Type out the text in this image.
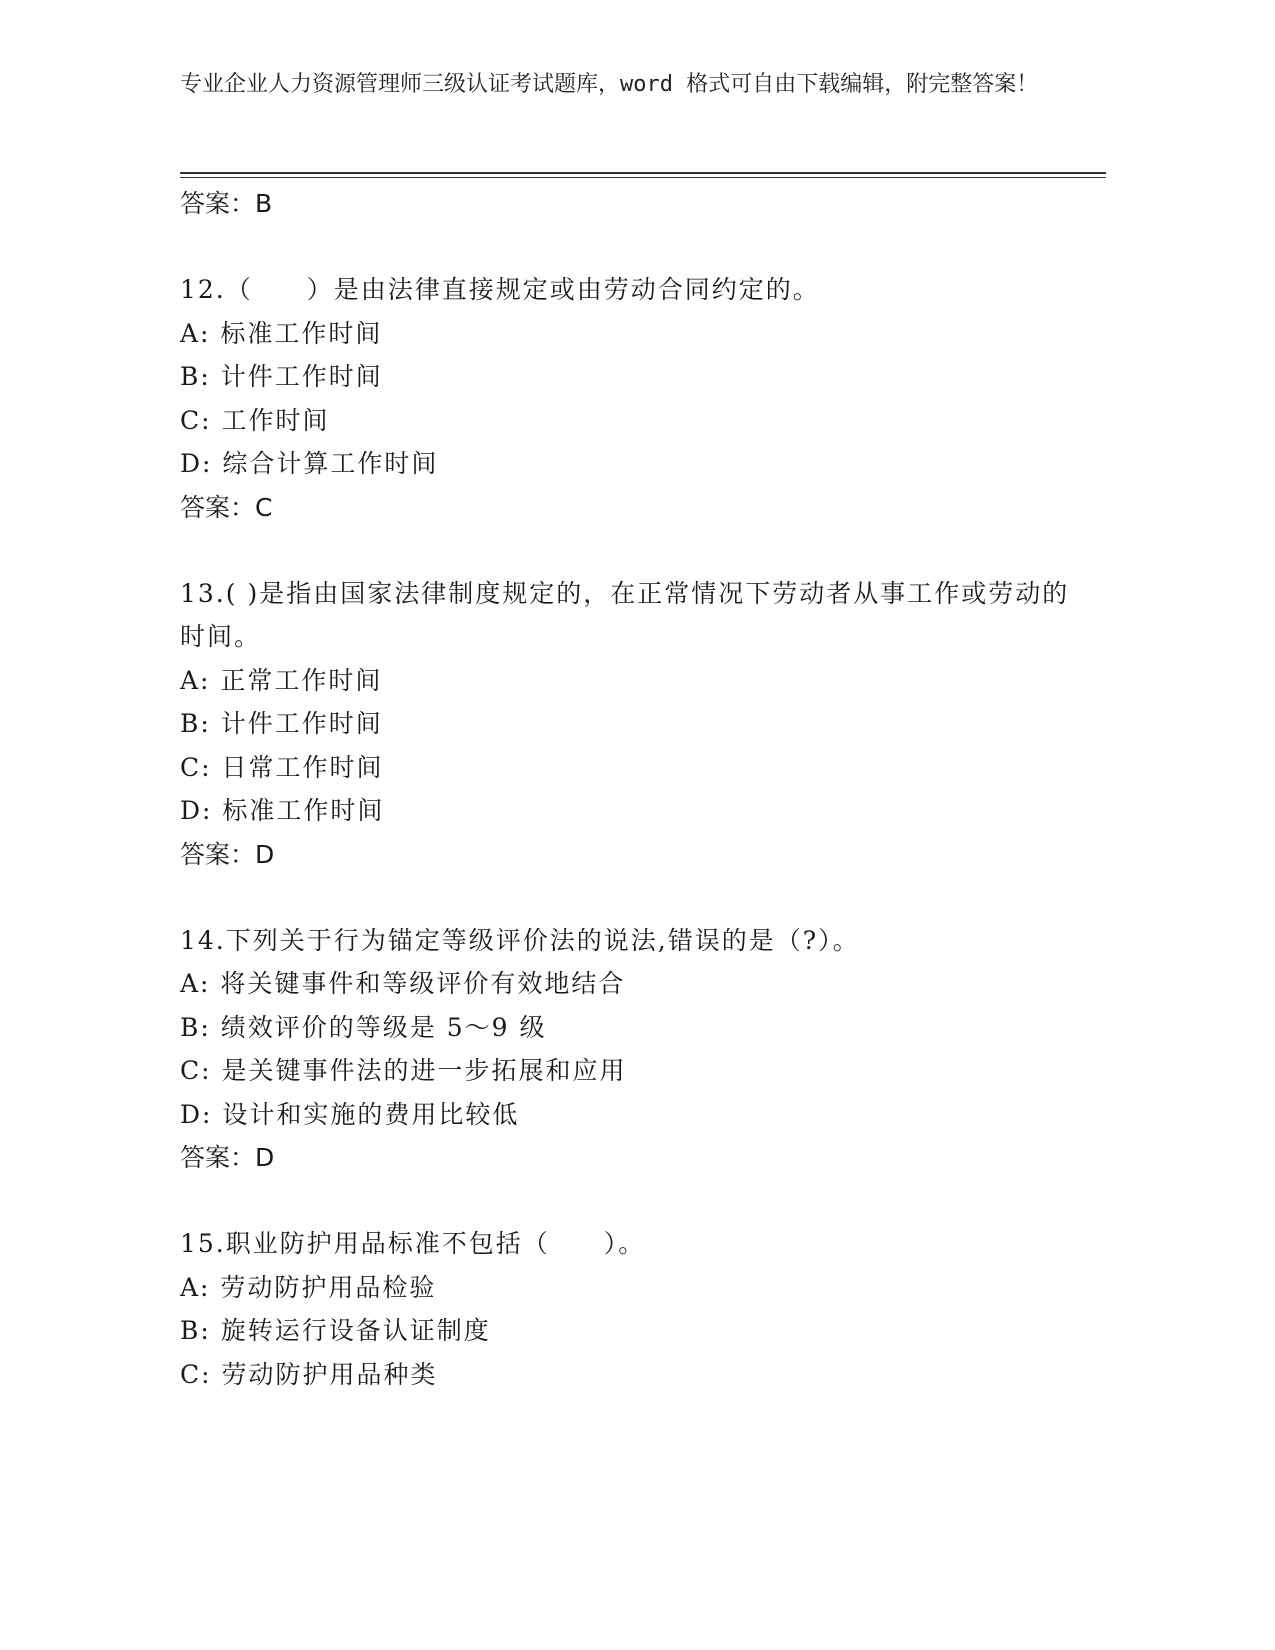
专业企业人力资源管理师三级认证考试题库，word 格式可自由下载编辑，附完整答案！
答案：B
12.（　　）是由法律直接规定或由劳动合同约定的。
A: 标准工作时间
B: 计件工作时间
C: 工作时间
D: 综合计算工作时间
答案：C
13.( )是指由国家法律制度规定的，在正常情况下劳动者从事工作或劳动的时间。
A: 正常工作时间
B: 计件工作时间
C: 日常工作时间
D: 标准工作时间
答案：D
14.下列关于行为锚定等级评价法的说法,错误的是（?）。
A: 将关键事件和等级评价有效地结合
B: 绩效评价的等级是 5～9 级
C: 是关键事件法的进一步拓展和应用
D: 设计和实施的费用比较低
答案：D
15.职业防护用品标准不包括（　　）。
A: 劳动防护用品检验
B: 旋转运行设备认证制度
C: 劳动防护用品种类
